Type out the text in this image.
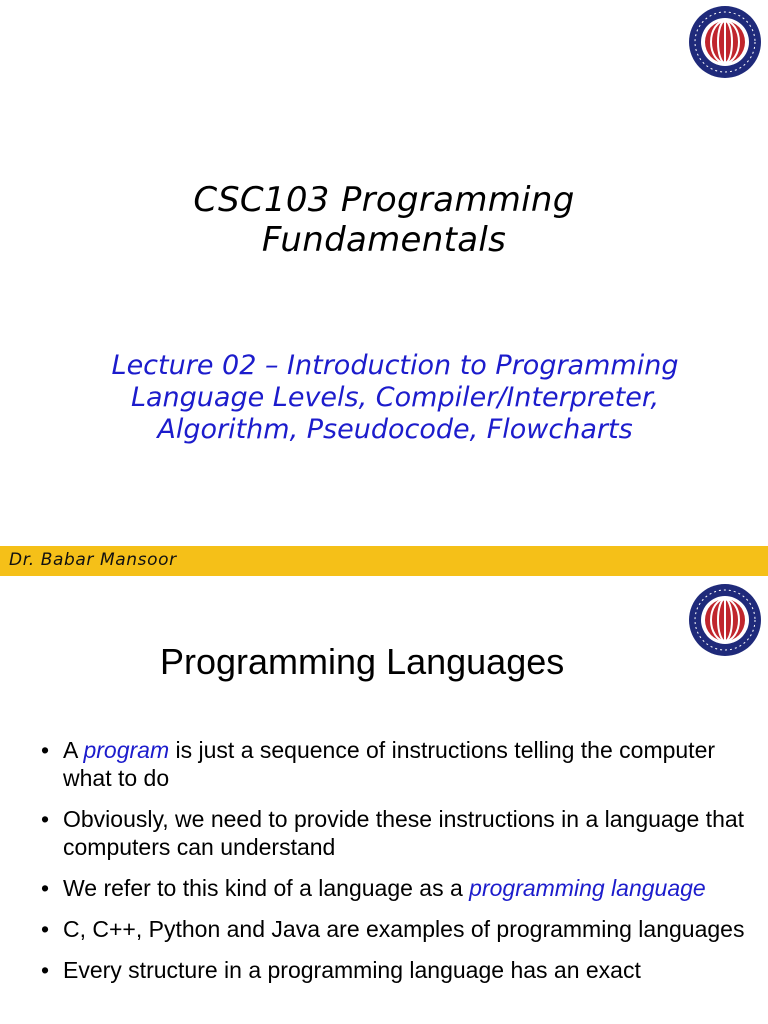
CSC103 Programming
Fundamentals
Lecture 02 – Introduction to Programming
Language Levels, Compiler/Interpreter,
Algorithm, Pseudocode, Flowcharts
Dr. Babar Mansoor
Programming Languages
• A program is just a sequence of instructions telling the computer what to do
• Obviously, we need to provide these instructions in a language that computers can understand
• We refer to this kind of a language as a programming language
• C, C++, Python and Java are examples of programming languages
• Every structure in a programming language has an exact
